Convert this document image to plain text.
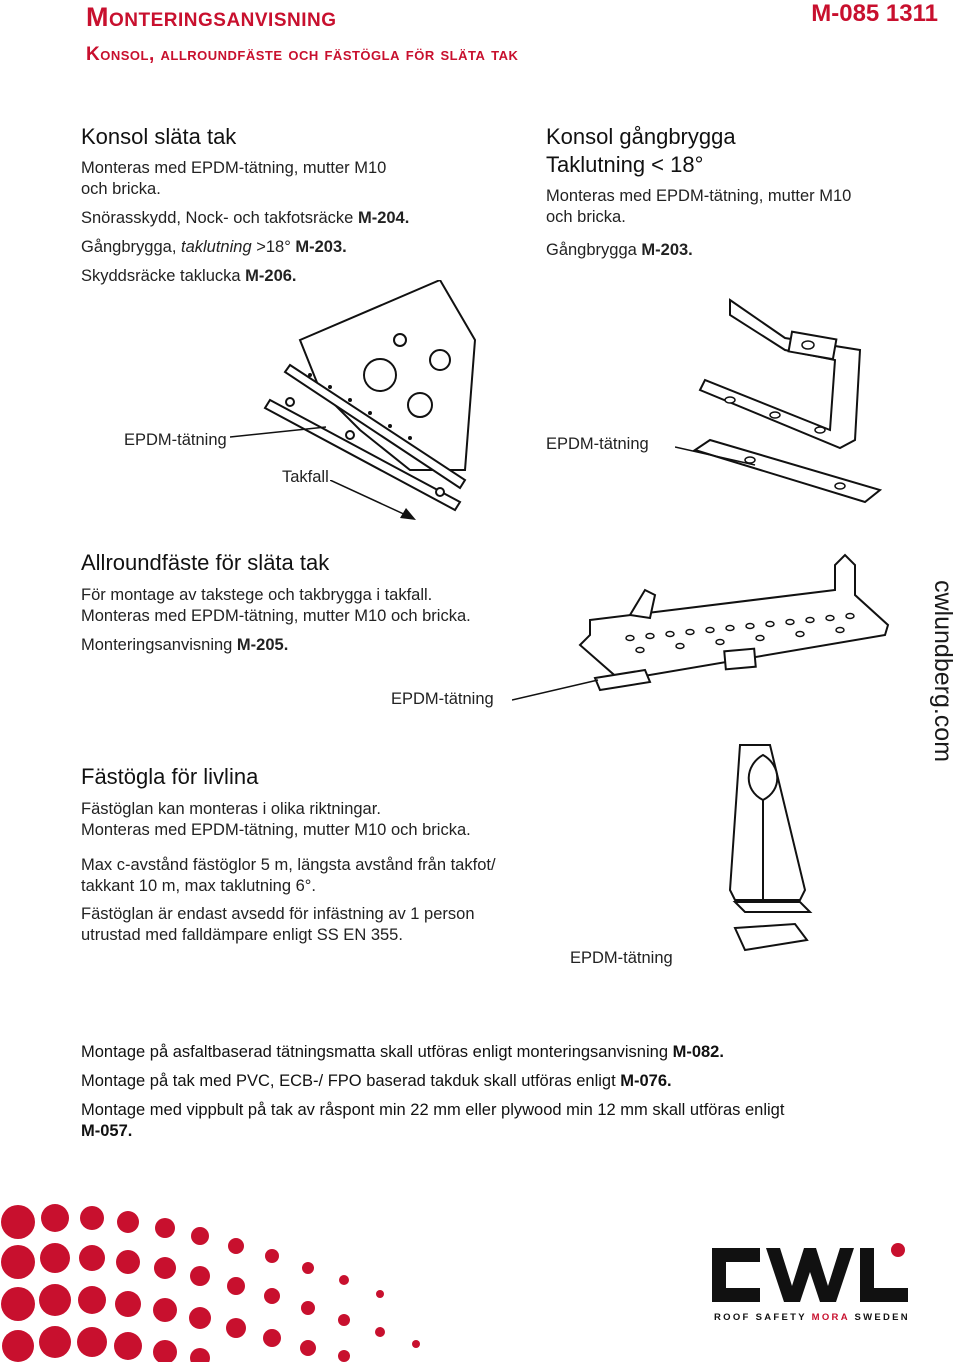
Monteringsanvisning
Konsol, allroundfäste och fästögla för släta tak
M-085 1311
Konsol släta tak
Monteras med EPDM-tätning, mutter M10
och bricka.
Snörasskydd, Nock- och takfotsräcke M-204.
Gångbrygga, taklutning >18° M-203.
Skyddsräcke taklucka M-206.
Konsol gångbrygga
Taklutning < 18°
Monteras med EPDM-tätning, mutter M10
och bricka.
Gångbrygga M-203.
EPDM-tätning
Takfall
EPDM-tätning
Allroundfäste för släta tak
För montage av takstege och takbrygga i takfall.
Monteras med EPDM-tätning, mutter M10 och bricka.
Monteringsanvisning M-205.
EPDM-tätning	cwlundberg.com
Fästögla för livlina
Fästöglan kan monteras i olika riktningar.
Monteras med EPDM-tätning, mutter M10 och bricka.
Max c-avstånd fästöglor 5 m, längsta avstånd från takfot/
takkant 10 m, max taklutning 6°.
Fästöglan är endast avsedd för infästning av 1 person
utrustad med falldämpare enligt SS EN 355.
EPDM-tätning
Montage på asfaltbaserad tätningsmatta skall utföras enligt monteringsanvisning M-082.
Montage på tak med PVC, ECB-/ FPO baserad takduk skall utföras enligt M-076.
Montage med vippbult på tak av råspont min 22 mm eller plywood min 12 mm skall utföras enligt
M-057.
ROOF SAFETY MORA SWEDEN
